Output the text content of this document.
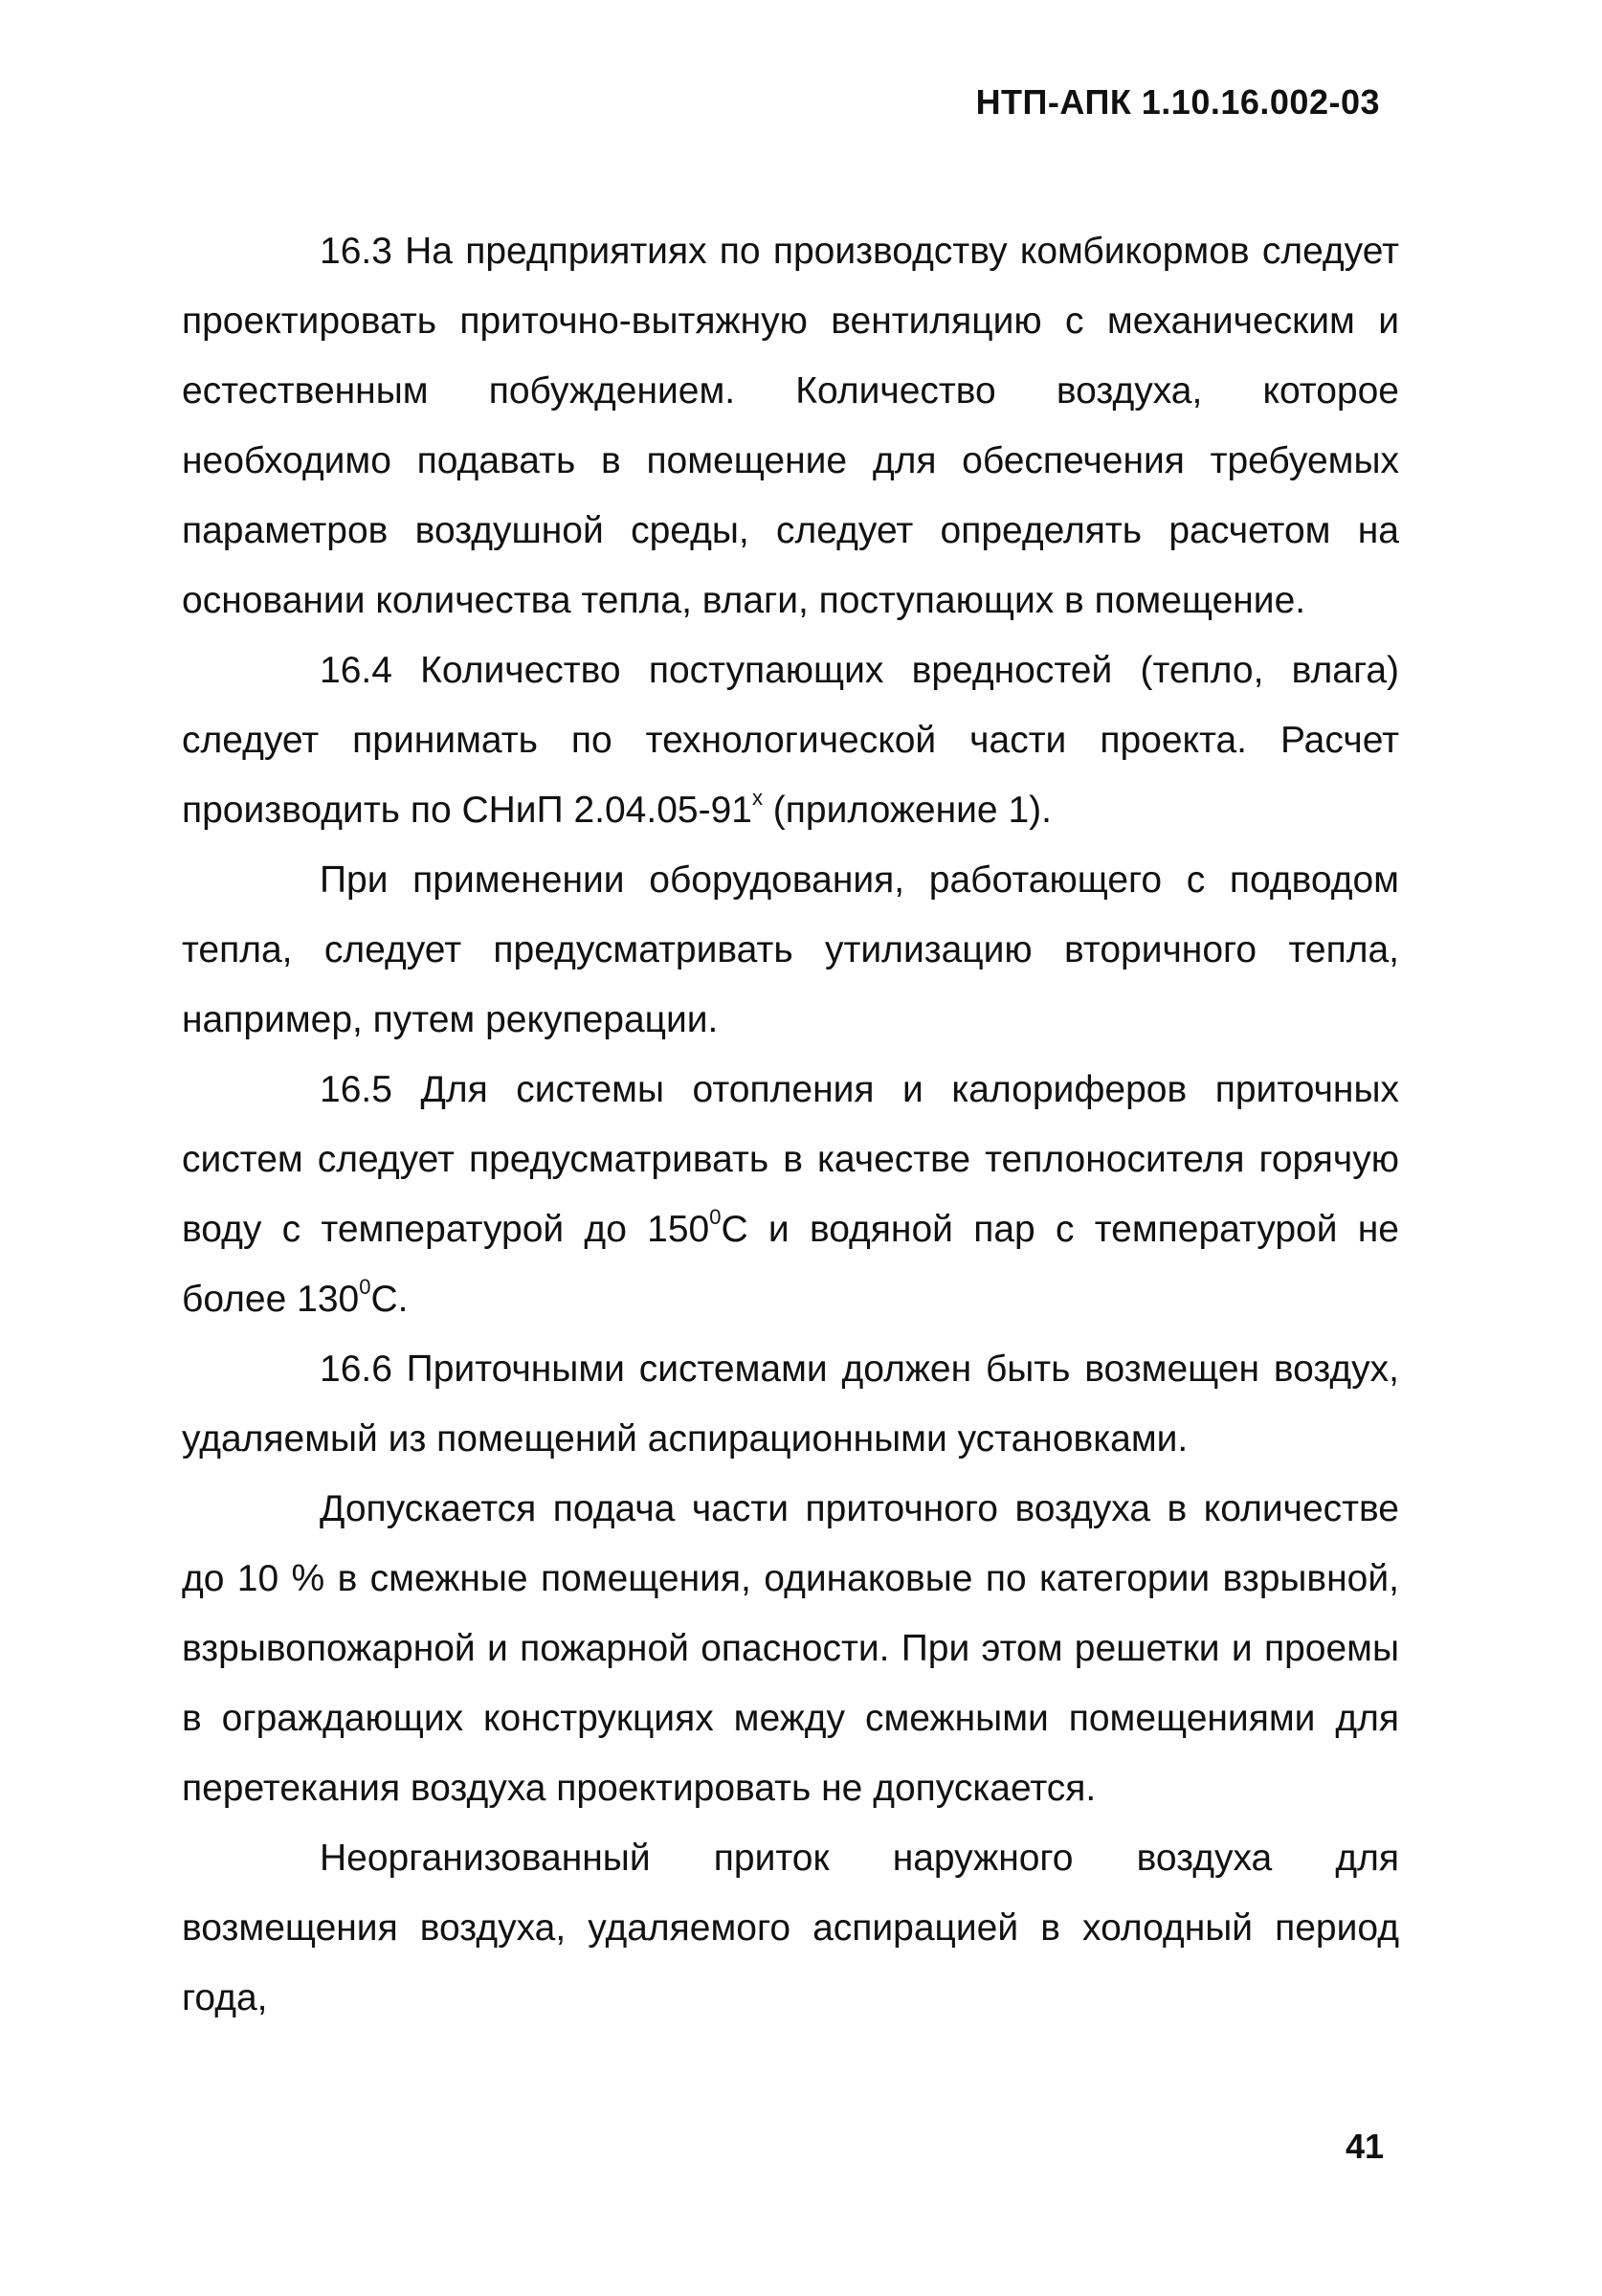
НТП-АПК 1.10.16.002-03

16.3 На предприятиях по производству комбикормов следует проектировать приточно-вытяжную вентиляцию с механическим и естественным побуждением. Количество воздуха, которое необходимо подавать в помещение для обеспечения требуемых параметров воздушной среды, следует определять расчетом на основании количества тепла, влаги, поступающих в помещение.

16.4 Количество поступающих вредностей (тепло, влага) следует принимать по технологической части проекта. Расчет производить по СНиП 2.04.05-91$^x$ (приложение 1).

При применении оборудования, работающего с подводом тепла, следует предусматривать утилизацию вторичного тепла, например, путем рекуперации.

16.5 Для системы отопления и калориферов приточных систем следует предусматривать в качестве теплоносителя горячую воду с температурой до $150^0С$ и водяной пар с температурой не более $130^0С$.

16.6 Приточными системами должен быть возмещен воздух, удаляемый из помещений аспирационными установками.

Допускается подача части приточного воздуха в количестве до 10 % в смежные помещения, одинаковые по категории взрывной, взрывопожарной и пожарной опасности. При этом решетки и проемы в ограждающих конструкциях между смежными помещениями для перетекания воздуха проектировать не допускается.

Неорганизованный приток наружного воздуха для возмещения воздуха, удаляемого аспирацией в холодный период года,

41
